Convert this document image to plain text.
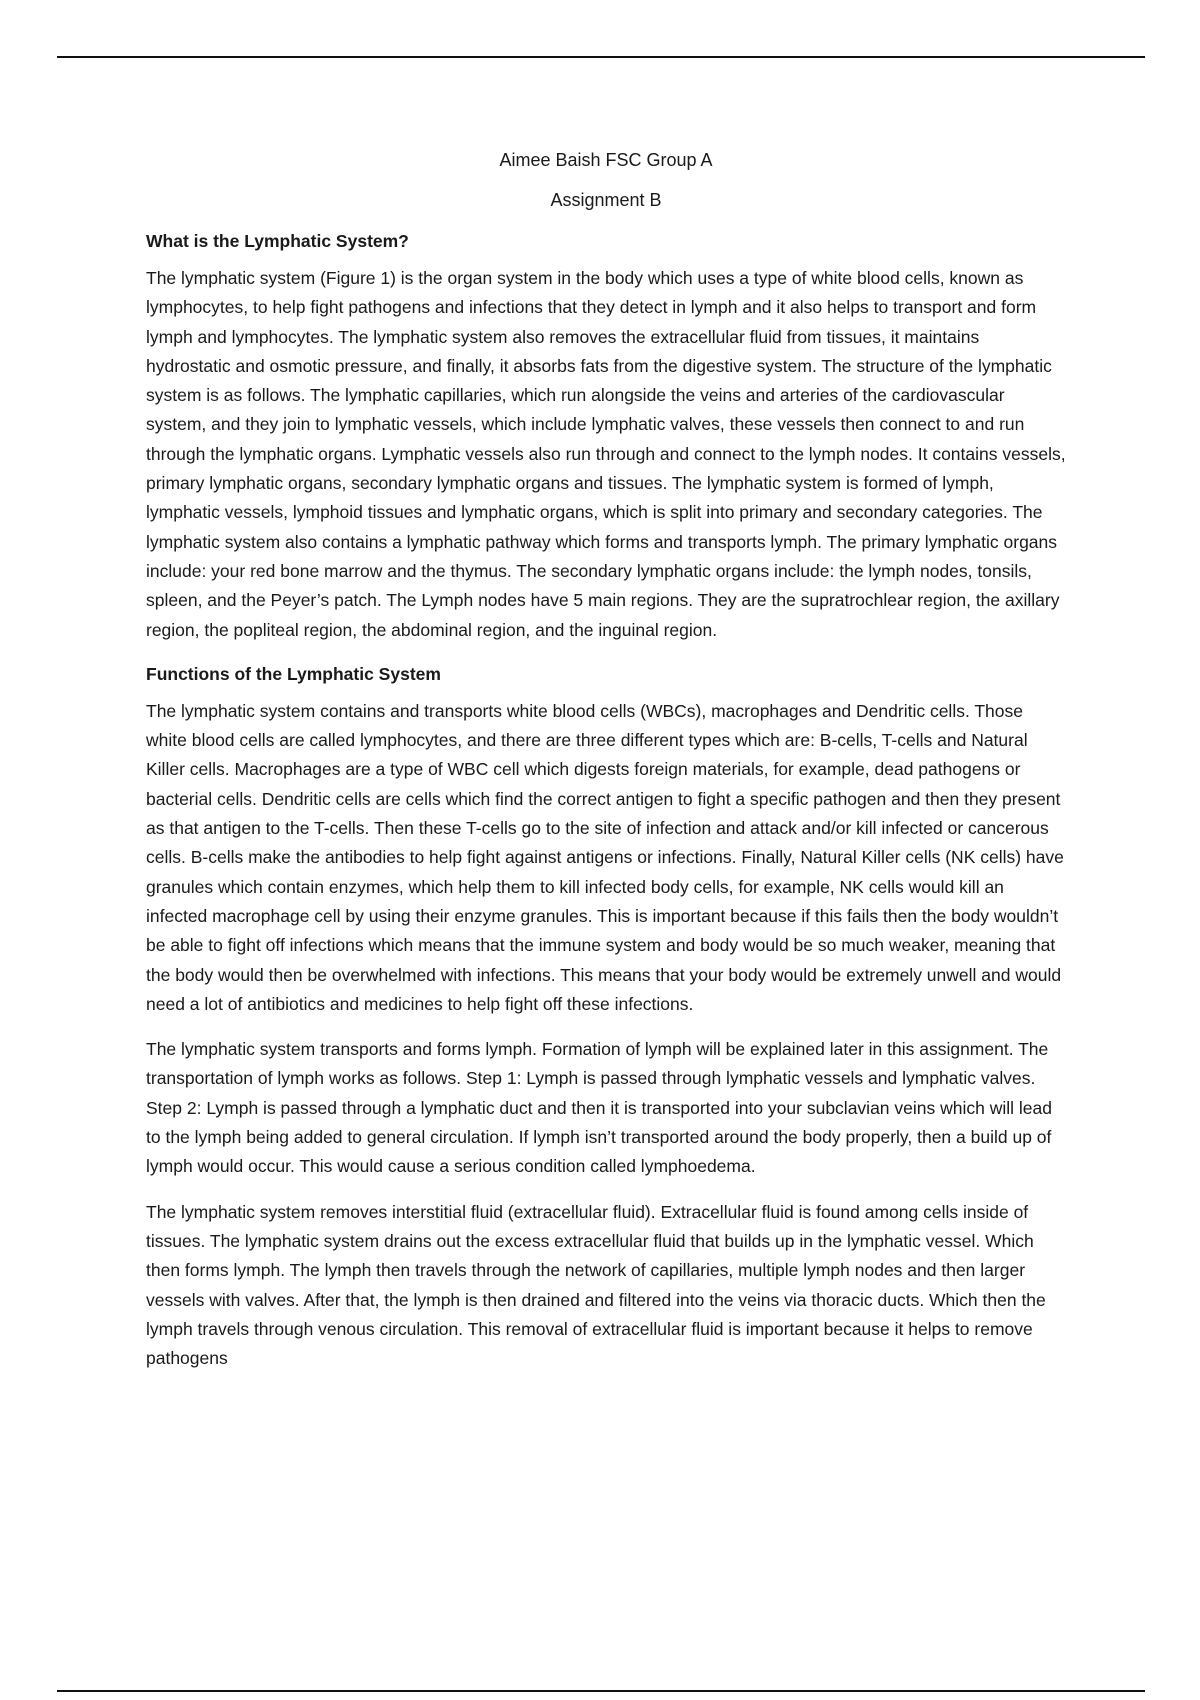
Aimee Baish FSC Group A

Assignment B

What is the Lymphatic System?

The lymphatic system (Figure 1) is the organ system in the body which uses a type of white blood cells, known as lymphocytes, to help fight pathogens and infections that they detect in lymph and it also helps to transport and form lymph and lymphocytes. The lymphatic system also removes the extracellular fluid from tissues, it maintains hydrostatic and osmotic pressure, and finally, it absorbs fats from the digestive system. The structure of the lymphatic system is as follows. The lymphatic capillaries, which run alongside the veins and arteries of the cardiovascular system, and they join to lymphatic vessels, which include lymphatic valves, these vessels then connect to and run through the lymphatic organs. Lymphatic vessels also run through and connect to the lymph nodes. It contains vessels, primary lymphatic organs, secondary lymphatic organs and tissues. The lymphatic system is formed of lymph, lymphatic vessels, lymphoid tissues and lymphatic organs, which is split into primary and secondary categories. The lymphatic system also contains a lymphatic pathway which forms and transports lymph. The primary lymphatic organs include: your red bone marrow and the thymus. The secondary lymphatic organs include: the lymph nodes, tonsils, spleen, and the Peyer’s patch. The Lymph nodes have 5 main regions. They are the supratrochlear region, the axillary region, the popliteal region, the abdominal region, and the inguinal region.

Functions of the Lymphatic System

The lymphatic system contains and transports white blood cells (WBCs), macrophages and Dendritic cells. Those white blood cells are called lymphocytes, and there are three different types which are: B-cells, T-cells and Natural Killer cells. Macrophages are a type of WBC cell which digests foreign materials, for example, dead pathogens or bacterial cells. Dendritic cells are cells which find the correct antigen to fight a specific pathogen and then they present as that antigen to the T-cells. Then these T-cells go to the site of infection and attack and/or kill infected or cancerous cells. B-cells make the antibodies to help fight against antigens or infections. Finally, Natural Killer cells (NK cells) have granules which contain enzymes, which help them to kill infected body cells, for example, NK cells would kill an infected macrophage cell by using their enzyme granules. This is important because if this fails then the body wouldn’t be able to fight off infections which means that the immune system and body would be so much weaker, meaning that the body would then be overwhelmed with infections. This means that your body would be extremely unwell and would need a lot of antibiotics and medicines to help fight off these infections.

The lymphatic system transports and forms lymph. Formation of lymph will be explained later in this assignment. The transportation of lymph works as follows. Step 1: Lymph is passed through lymphatic vessels and lymphatic valves. Step 2: Lymph is passed through a lymphatic duct and then it is transported into your subclavian veins which will lead to the lymph being added to general circulation. If lymph isn’t transported around the body properly, then a build up of lymph would occur. This would cause a serious condition called lymphoedema.

The lymphatic system removes interstitial fluid (extracellular fluid). Extracellular fluid is found among cells inside of tissues. The lymphatic system drains out the excess extracellular fluid that builds up in the lymphatic vessel. Which then forms lymph. The lymph then travels through the network of capillaries, multiple lymph nodes and then larger vessels with valves. After that, the lymph is then drained and filtered into the veins via thoracic ducts. Which then the lymph travels through venous circulation. This removal of extracellular fluid is important because it helps to remove pathogens
